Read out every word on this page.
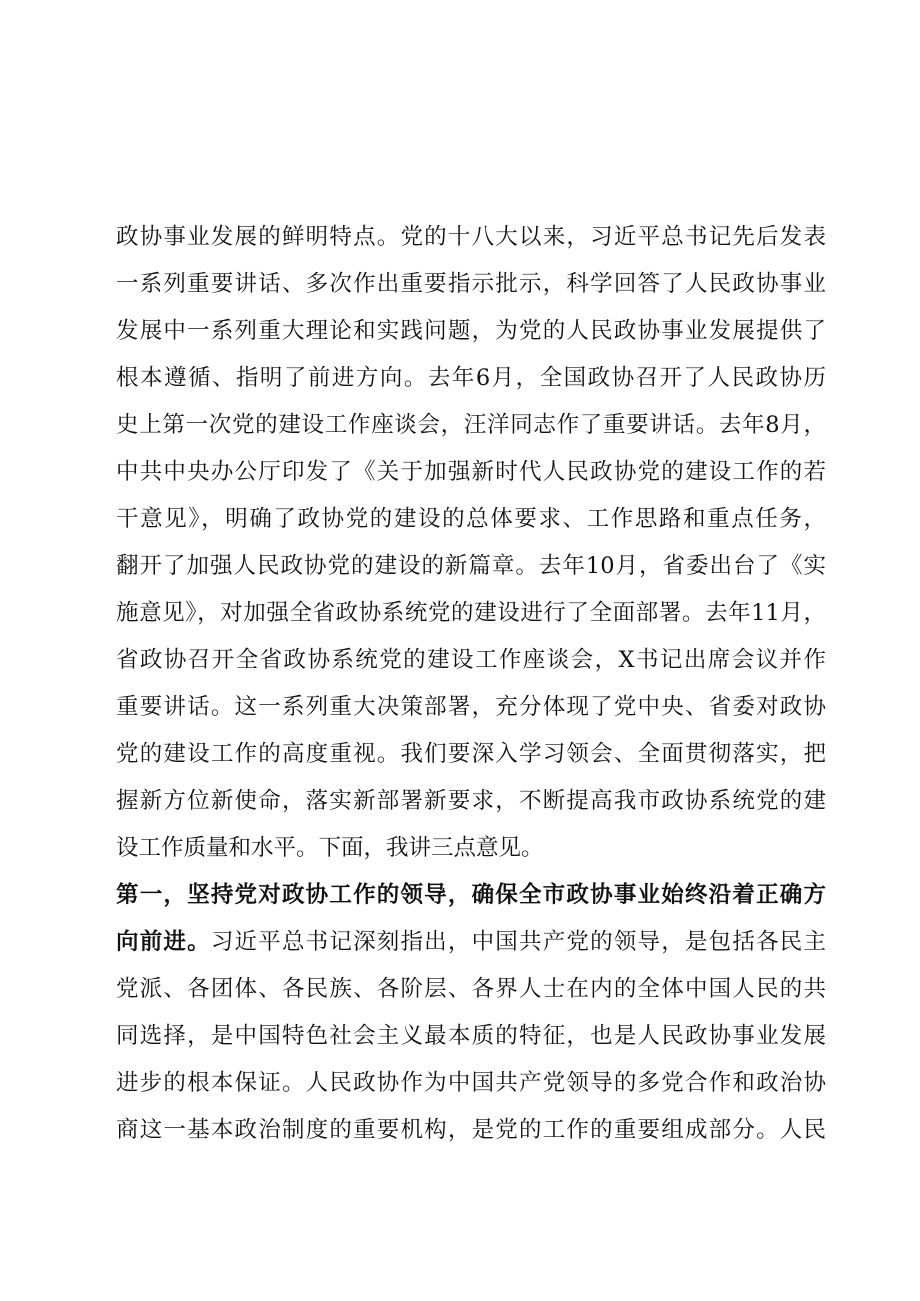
政协事业发展的鲜明特点。党的十八大以来，习近平总书记先后发表
一系列重要讲话、多次作出重要指示批示，科学回答了人民政协事业
发展中一系列重大理论和实践问题，为党的人民政协事业发展提供了
根本遵循、指明了前进方向。去年6月，全国政协召开了人民政协历
史上第一次党的建设工作座谈会，汪洋同志作了重要讲话。去年8月，
中共中央办公厅印发了《关于加强新时代人民政协党的建设工作的若
干意见》，明确了政协党的建设的总体要求、工作思路和重点任务，
翻开了加强人民政协党的建设的新篇章。去年10月，省委出台了《实
施意见》，对加强全省政协系统党的建设进行了全面部署。去年11月，
省政协召开全省政协系统党的建设工作座谈会，X书记出席会议并作
重要讲话。这一系列重大决策部署，充分体现了党中央、省委对政协
党的建设工作的高度重视。我们要深入学习领会、全面贯彻落实，把
握新方位新使命，落实新部署新要求，不断提高我市政协系统党的建
设工作质量和水平。下面，我讲三点意见。
第一，坚持党对政协工作的领导，确保全市政协事业始终沿着正确方
向前进。习近平总书记深刻指出，中国共产党的领导，是包括各民主
党派、各团体、各民族、各阶层、各界人士在内的全体中国人民的共
同选择，是中国特色社会主义最本质的特征，也是人民政协事业发展
进步的根本保证。人民政协作为中国共产党领导的多党合作和政治协
商这一基本政治制度的重要机构，是党的工作的重要组成部分。人民
